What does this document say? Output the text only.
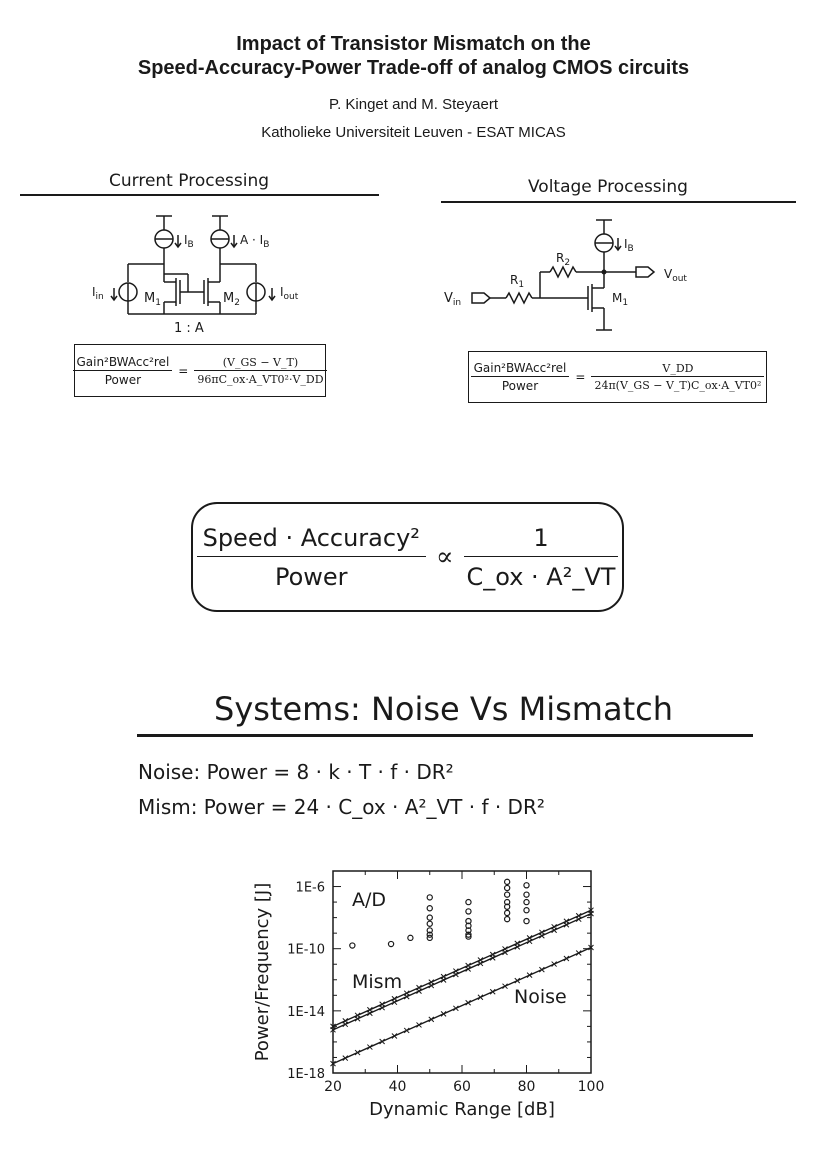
Impact of Transistor Mismatch on the
Speed-Accuracy-Power Trade-off of analog CMOS circuits
P. Kinget and M. Steyaert
Katholieke Universiteit Leuven - ESAT MICAS
Current Processing
$I_B$	$A \cdot I_B$
$I_{in}$	$I_{out}$
$M_1$	$M_2$
1 : A
$\frac{\text{Gain²BWAcc²rel}}{\text{Power}} = \frac{(V\_GS - V\_T)}{\text{96πC\_ox·A\_VT0²·V\_DD}}$
Voltage Processing
$I_B$
$R_2$
$R_1$
$V_{in}$
$V_{out}$
$M_1$
$\frac{\text{Gain²BWAcc²rel}}{\text{Power}} = \frac{V\_DD}{\text{24π(V\_GS − V\_T)C\_ox·A\_VT0²}}$
$\frac{\text{Speed · Accuracy²}}{\text{Power}} \propto \frac{1}{\text{C\_ox · A²\_VT}}$
Systems: Noise Vs Mismatch
Noise: Power = 8 · k · T · f · DR²
Mism: Power = 24 · C_ox · A²_VT · f · DR²
20	40	60	80	100
1E-6
1E-10
1E-14
1E-18
Dynamic Range [dB]
Power/Frequency [J]	A/D
Mism
Noise
